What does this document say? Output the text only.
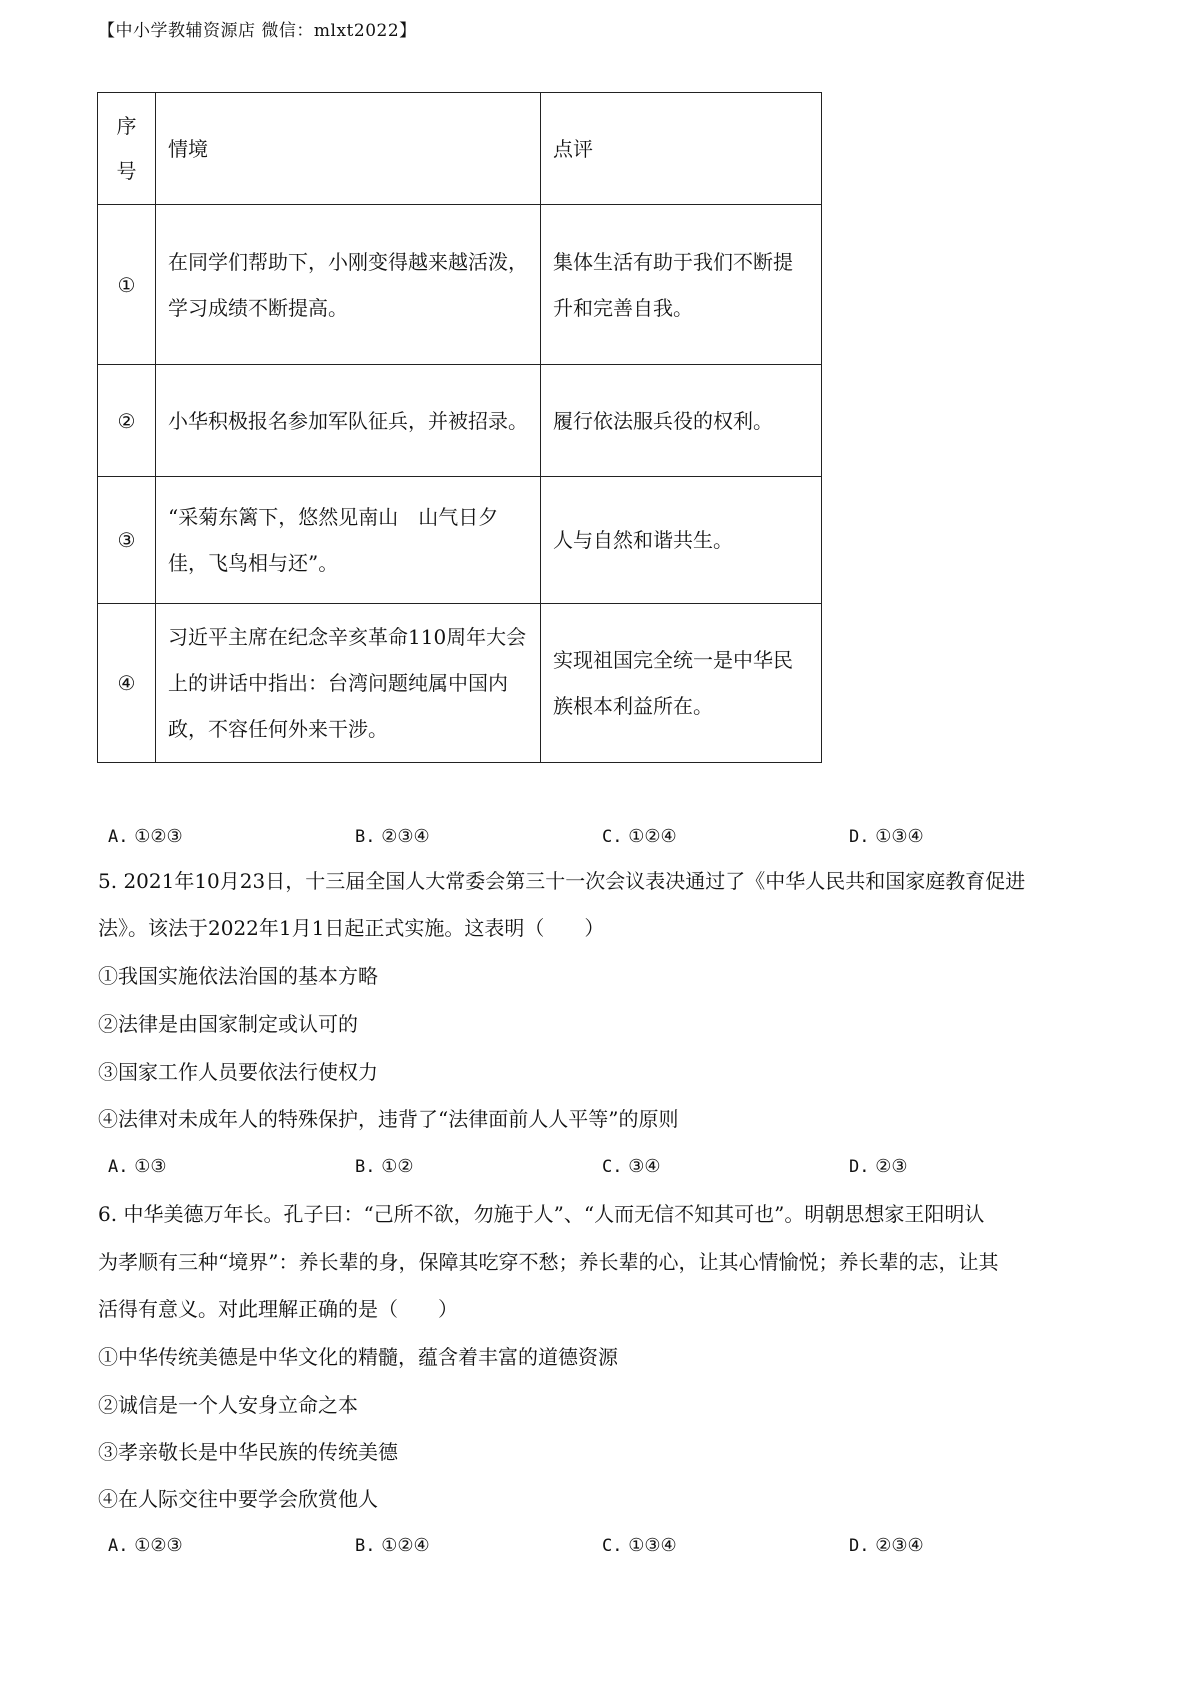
【中小学教辅资源店 微信：mlxt2022】
序
号	情境	点评
①	在同学们帮助下，小刚变得越来越活泼，学习成绩不断提高。	集体生活有助于我们不断提升和完善自我。
②	小华积极报名参加军队征兵，并被招录。	履行依法服兵役的权利。
③	“采菊东篱下，悠然见南山　山气日夕佳，飞鸟相与还”。	人与自然和谐共生。
④	习近平主席在纪念辛亥革命110周年大会上的讲话中指出：台湾问题纯属中国内政，不容任何外来干涉。	实现祖国完全统一是中华民族根本利益所在。
A. ①②③	B. ②③④	C. ①②④	D. ①③④
5. 2021年10月23日，十三届全国人大常委会第三十一次会议表决通过了《中华人民共和国家庭教育促进
法》。该法于2022年1月1日起正式实施。这表明（　　）
①我国实施依法治国的基本方略
②法律是由国家制定或认可的
③国家工作人员要依法行使权力
④法律对未成年人的特殊保护，违背了“法律面前人人平等”的原则
A. ①③	B. ①②	C. ③④	D. ②③
6. 中华美德万年长。孔子曰：“己所不欲，勿施于人”、“人而无信不知其可也”。明朝思想家王阳明认
为孝顺有三种“境界”：养长辈的身，保障其吃穿不愁；养长辈的心，让其心情愉悦；养长辈的志，让其
活得有意义。对此理解正确的是（　　）
①中华传统美德是中华文化的精髓，蕴含着丰富的道德资源
②诚信是一个人安身立命之本
③孝亲敬长是中华民族的传统美德
④在人际交往中要学会欣赏他人
A. ①②③	B. ①②④	C. ①③④	D. ②③④
